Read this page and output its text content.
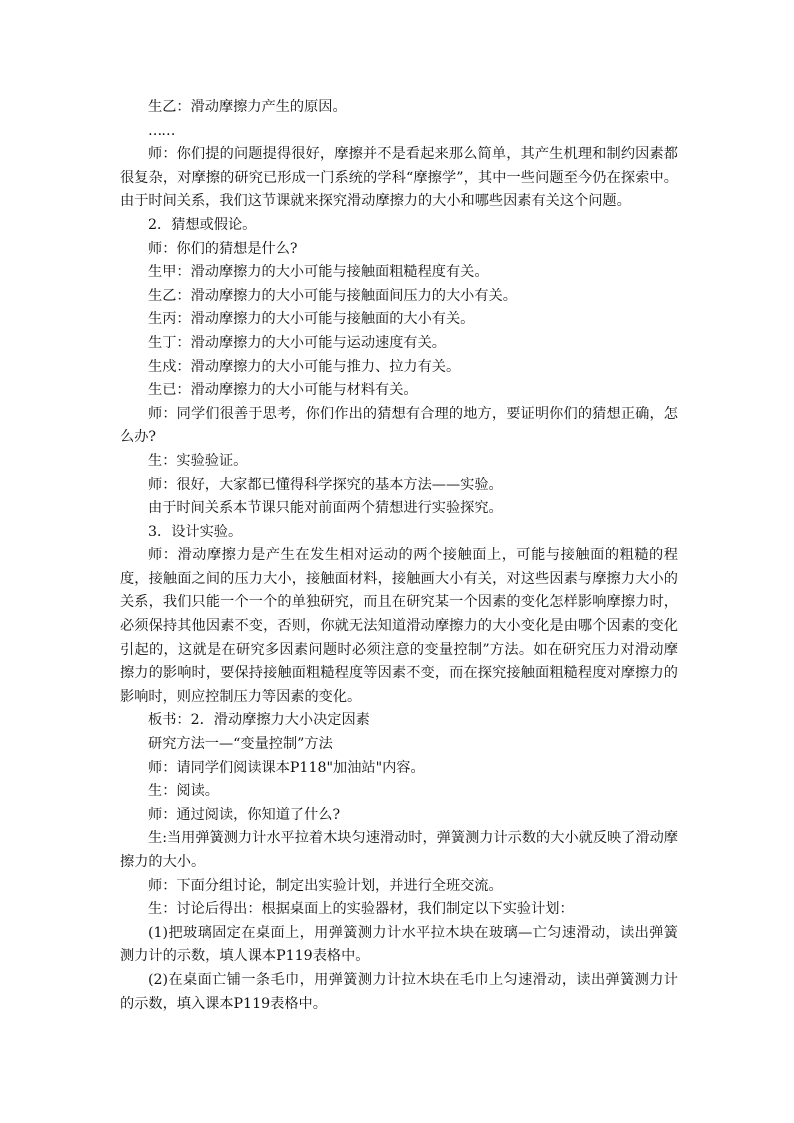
生乙：滑动摩擦力产生的原因。

……

师：你们提的问题提得很好，摩擦并不是看起来那么简单，其产生机理和制约因素都很复杂，对摩擦的研究已形成一门系统的学科“摩擦学”，其中一些问题至今仍在探索中。由于时间关系，我们这节课就来探究滑动摩擦力的大小和哪些因素有关这个问题。

2．猜想或假论。

师：你们的猜想是什么?

生甲：滑动摩擦力的大小可能与接触面粗糙程度有关。

生乙：滑动摩擦力的大小可能与接触面间压力的大小有关。

生丙：滑动摩擦力的大小可能与接触面的大小有关。

生丁：滑动摩擦力的大小可能与运动速度有关。

生戍：滑动摩擦力的大小可能与推力、拉力有关。

生已：滑动摩擦力的大小可能与材料有关。

师：同学们很善于思考，你们作出的猜想有合理的地方，要证明你们的猜想正确，怎么办?

生：实验验证。

师：很好，大家都已懂得科学探究的基本方法——实验。

由于时间关系本节课只能对前面两个猜想进行实验探究。

3．设计实验。

师：滑动摩擦力是产生在发生相对运动的两个接触面上，可能与接触面的粗糙的程度，接触面之间的压力大小，接触面材料，接触画大小有关，对这些因素与摩擦力大小的关系，我们只能一个一个的单独研究，而且在研究某一个因素的变化怎样影响摩擦力时，必须保持其他因素不变，否则，你就无法知道滑动摩擦力的大小变化是由哪个因素的变化引起的，这就是在研究多因素问题时必须注意的变量控制”方法。如在研究压力对滑动摩擦力的影响时，要保持接触面粗糙程度等因素不变，而在探究接触面粗糙程度对摩擦力的影响时，则应控制压力等因素的变化。

板书：2．滑动摩擦力大小决定因素

研究方法一—“变量控制”方法

师：请同学们阅读课本P118"加油站"内容。

生：阅读。

师：通过阅读，你知道了什么?

生:当用弹簧测力计水平拉着木块匀速滑动时，弹簧测力计示数的大小就反映了滑动摩擦力的大小。

师：下面分组讨论，制定出实验计划，并进行全班交流。

生：讨论后得出：根据桌面上的实验器材，我们制定以下实验计划：

(1)把玻璃固定在桌面上，用弹簧测力计水平拉木块在玻璃—亡匀速滑动，读出弹簧测力计的示数，填人课本P119表格中。

(2)在桌面亡铺一条毛巾，用弹簧测力计拉木块在毛巾上匀速滑动，读出弹簧测力计的示数，填入课本P119表格中。
